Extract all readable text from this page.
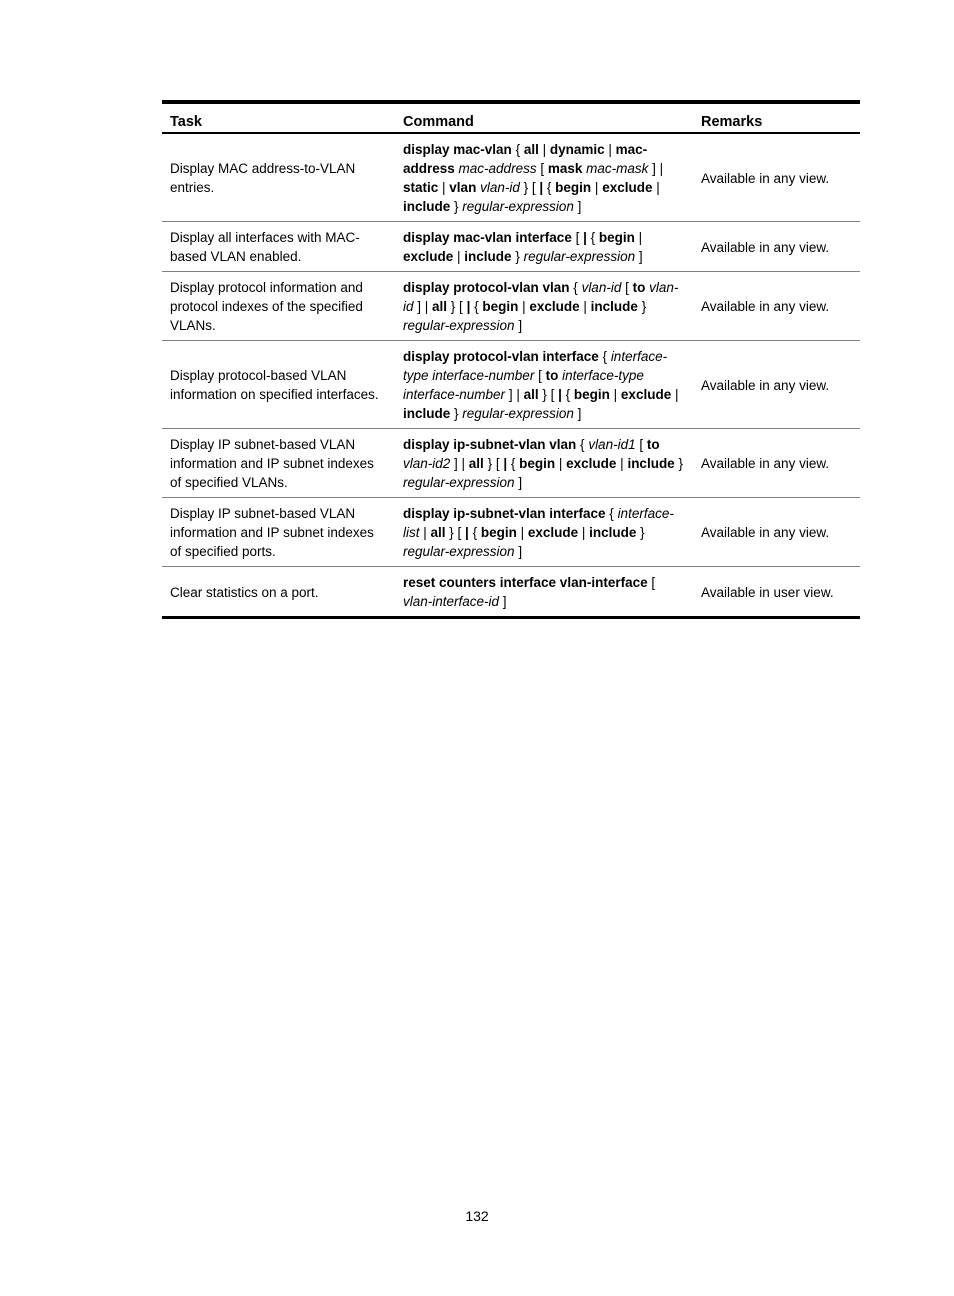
Task	Command	Remarks
Display MAC address-to-VLAN entries.	display mac-vlan { all | dynamic | mac-address mac-address [ mask mac-mask ] | static | vlan vlan-id } [ | { begin | exclude | include } regular-expression ]	Available in any view.
Display all interfaces with MAC-based VLAN enabled.	display mac-vlan interface [ | { begin | exclude | include } regular-expression ]	Available in any view.
Display protocol information and protocol indexes of the specified VLANs.	display protocol-vlan vlan { vlan-id [ to vlan-id ] | all } [ | { begin | exclude | include } regular-expression ]	Available in any view.
Display protocol-based VLAN information on specified interfaces.	display protocol-vlan interface { interface-type interface-number [ to interface-type interface-number ] | all } [ | { begin | exclude | include } regular-expression ]	Available in any view.
Display IP subnet-based VLAN information and IP subnet indexes of specified VLANs.	display ip-subnet-vlan vlan { vlan-id1 [ to vlan-id2 ] | all } [ | { begin | exclude | include } regular-expression ]	Available in any view.
Display IP subnet-based VLAN information and IP subnet indexes of specified ports.	display ip-subnet-vlan interface { interface-list | all } [ | { begin | exclude | include } regular-expression ]	Available in any view.
Clear statistics on a port.	reset counters interface vlan-interface [ vlan-interface-id ]	Available in user view.
132
